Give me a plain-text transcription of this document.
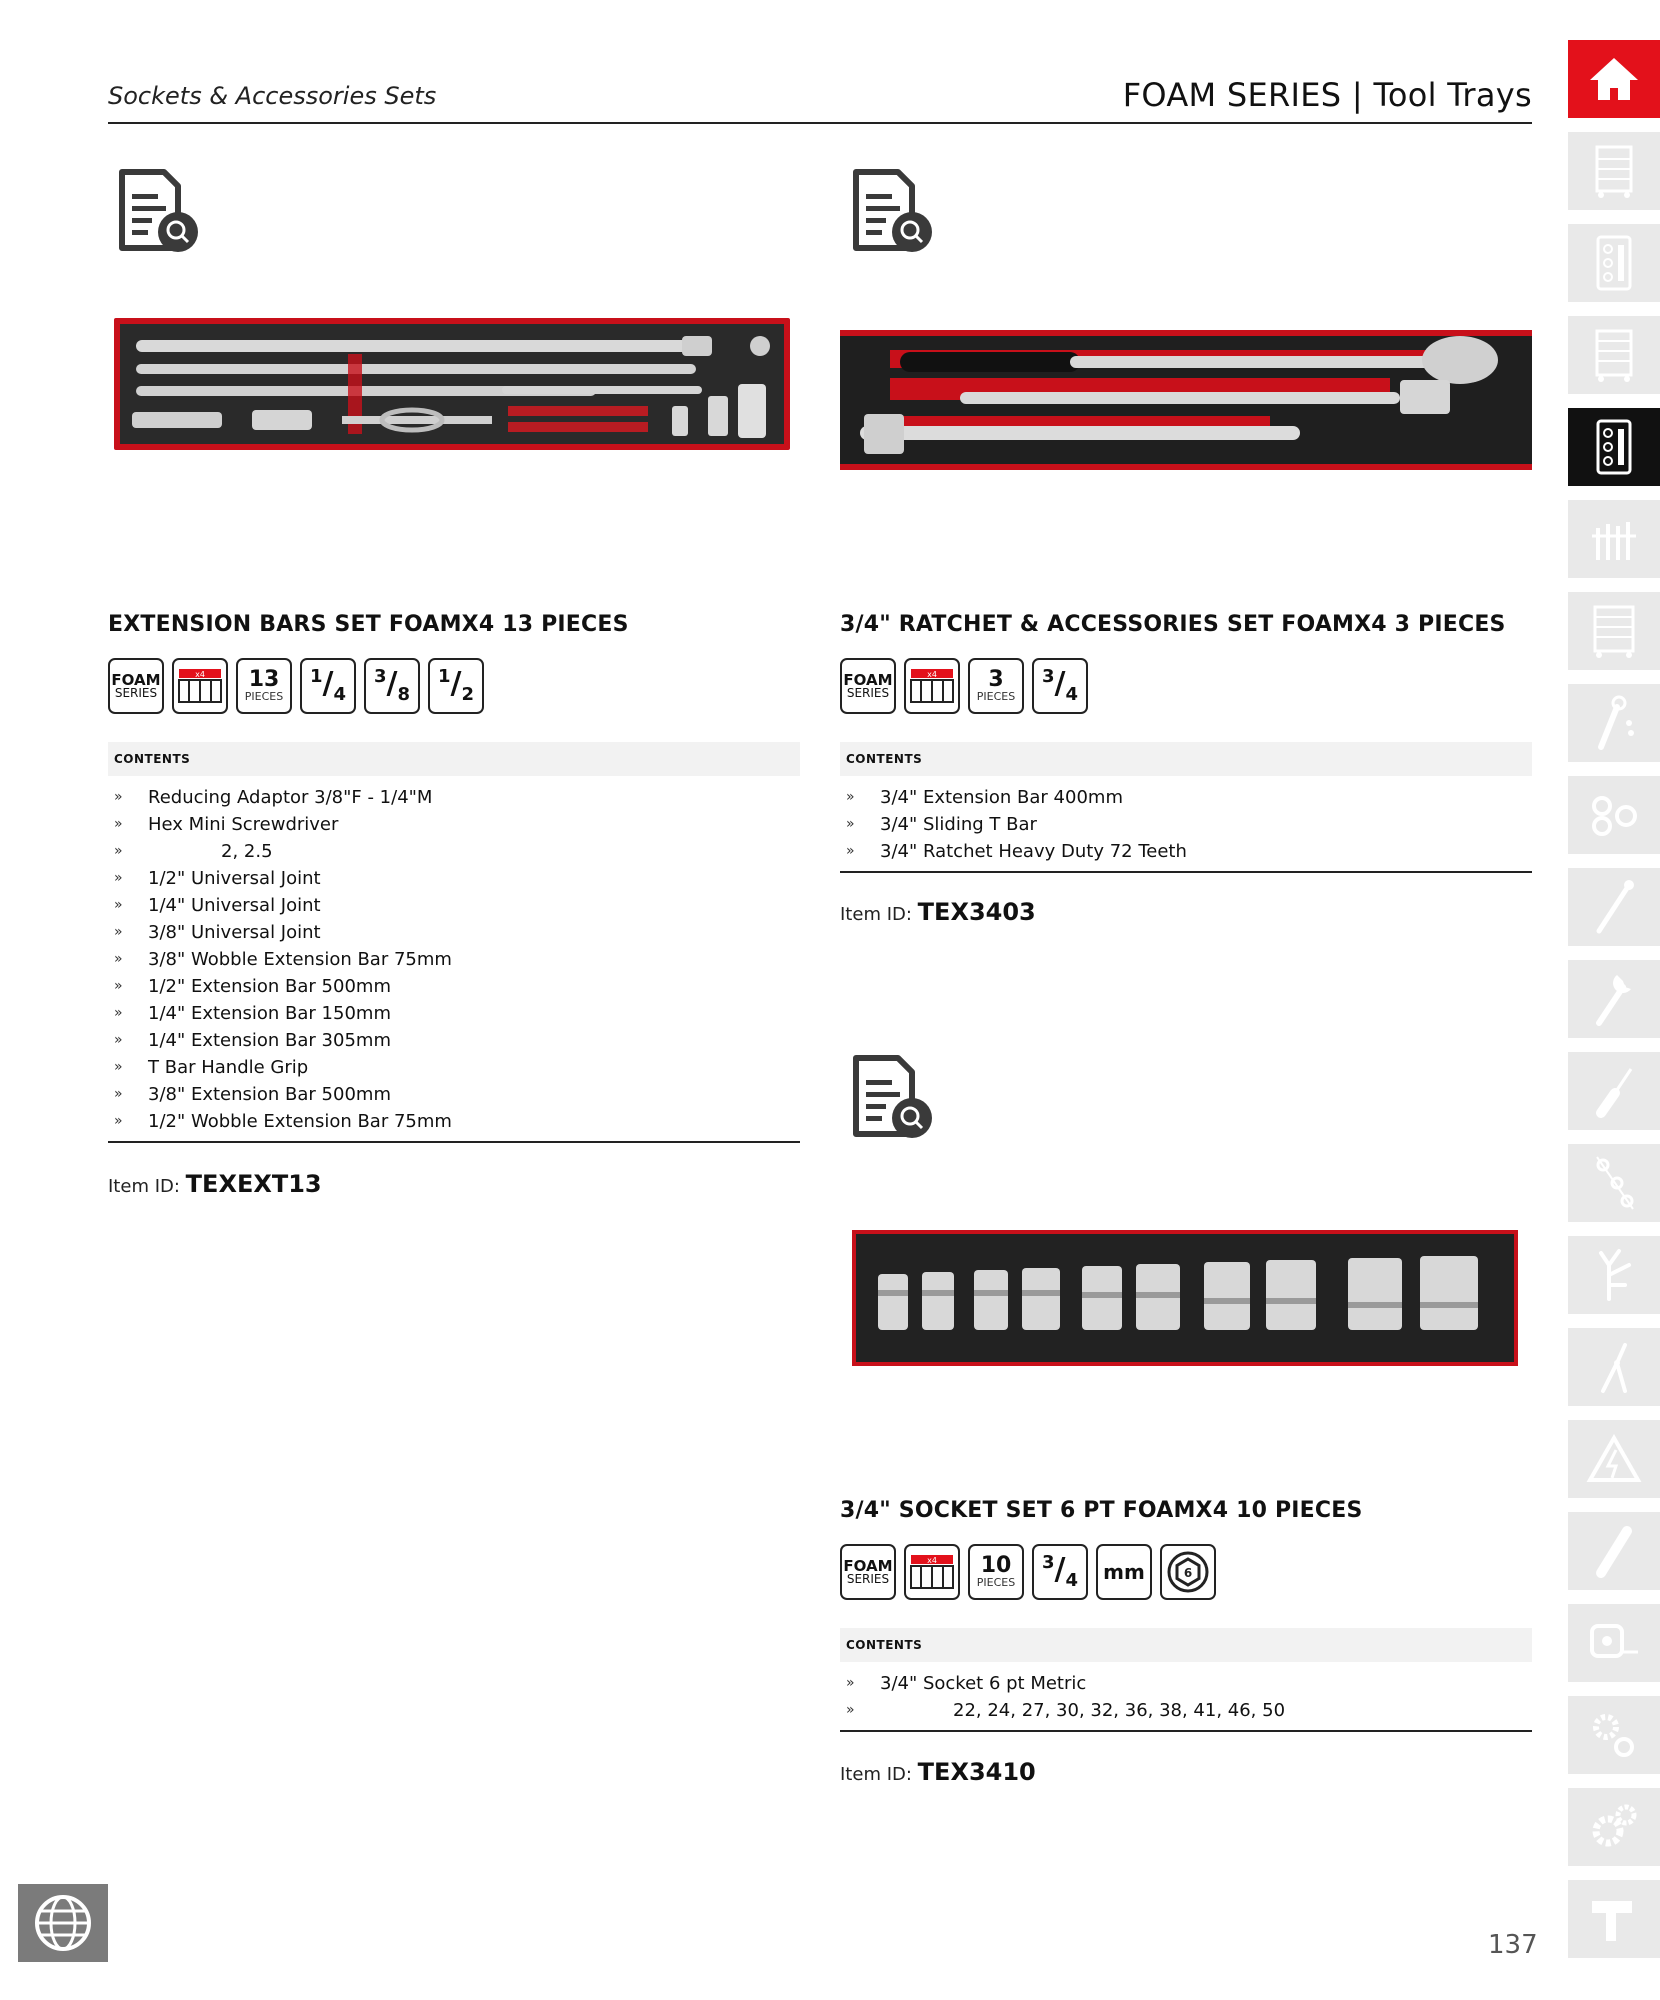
Sockets & Accessories Sets	FOAM SERIES | Tool Trays
EXTENSION BARS SET FOAMX4 13 PIECES
FOAM
SERIES
x4 13
PIECES
$^1/_4$
$^3/_8$
$^1/_2$
CONTENTS
» Reducing Adaptor 3/8"F - 1/4"M
» Hex Mini Screwdriver
»	2, 2.5
» 1/2" Universal Joint
» 1/4" Universal Joint
» 3/8" Universal Joint
» 3/8" Wobble Extension Bar 75mm
» 1/2" Extension Bar 500mm
» 1/4" Extension Bar 150mm
» 1/4" Extension Bar 305mm
» T Bar Handle Grip
» 3/8" Extension Bar 500mm
» 1/2" Wobble Extension Bar 75mm
Item ID: TEXEXT13
3/4" RATCHET & ACCESSORIES SET FOAMX4 3 PIECES
FOAM
SERIES
x4 3
PIECES
$^3/_4$
CONTENTS
» 3/4" Extension Bar 400mm
» 3/4" Sliding T Bar
» 3/4" Ratchet Heavy Duty 72 Teeth
Item ID: TEX3403
3/4" SOCKET SET 6 PT FOAMX4 10 PIECES
FOAM
SERIES
x4 10
PIECES
$^3/_4$	mm	6
CONTENTS
» 3/4" Socket 6 pt Metric
»	22, 24, 27, 30, 32, 36, 38, 41, 46, 50
Item ID: TEX3410
137
